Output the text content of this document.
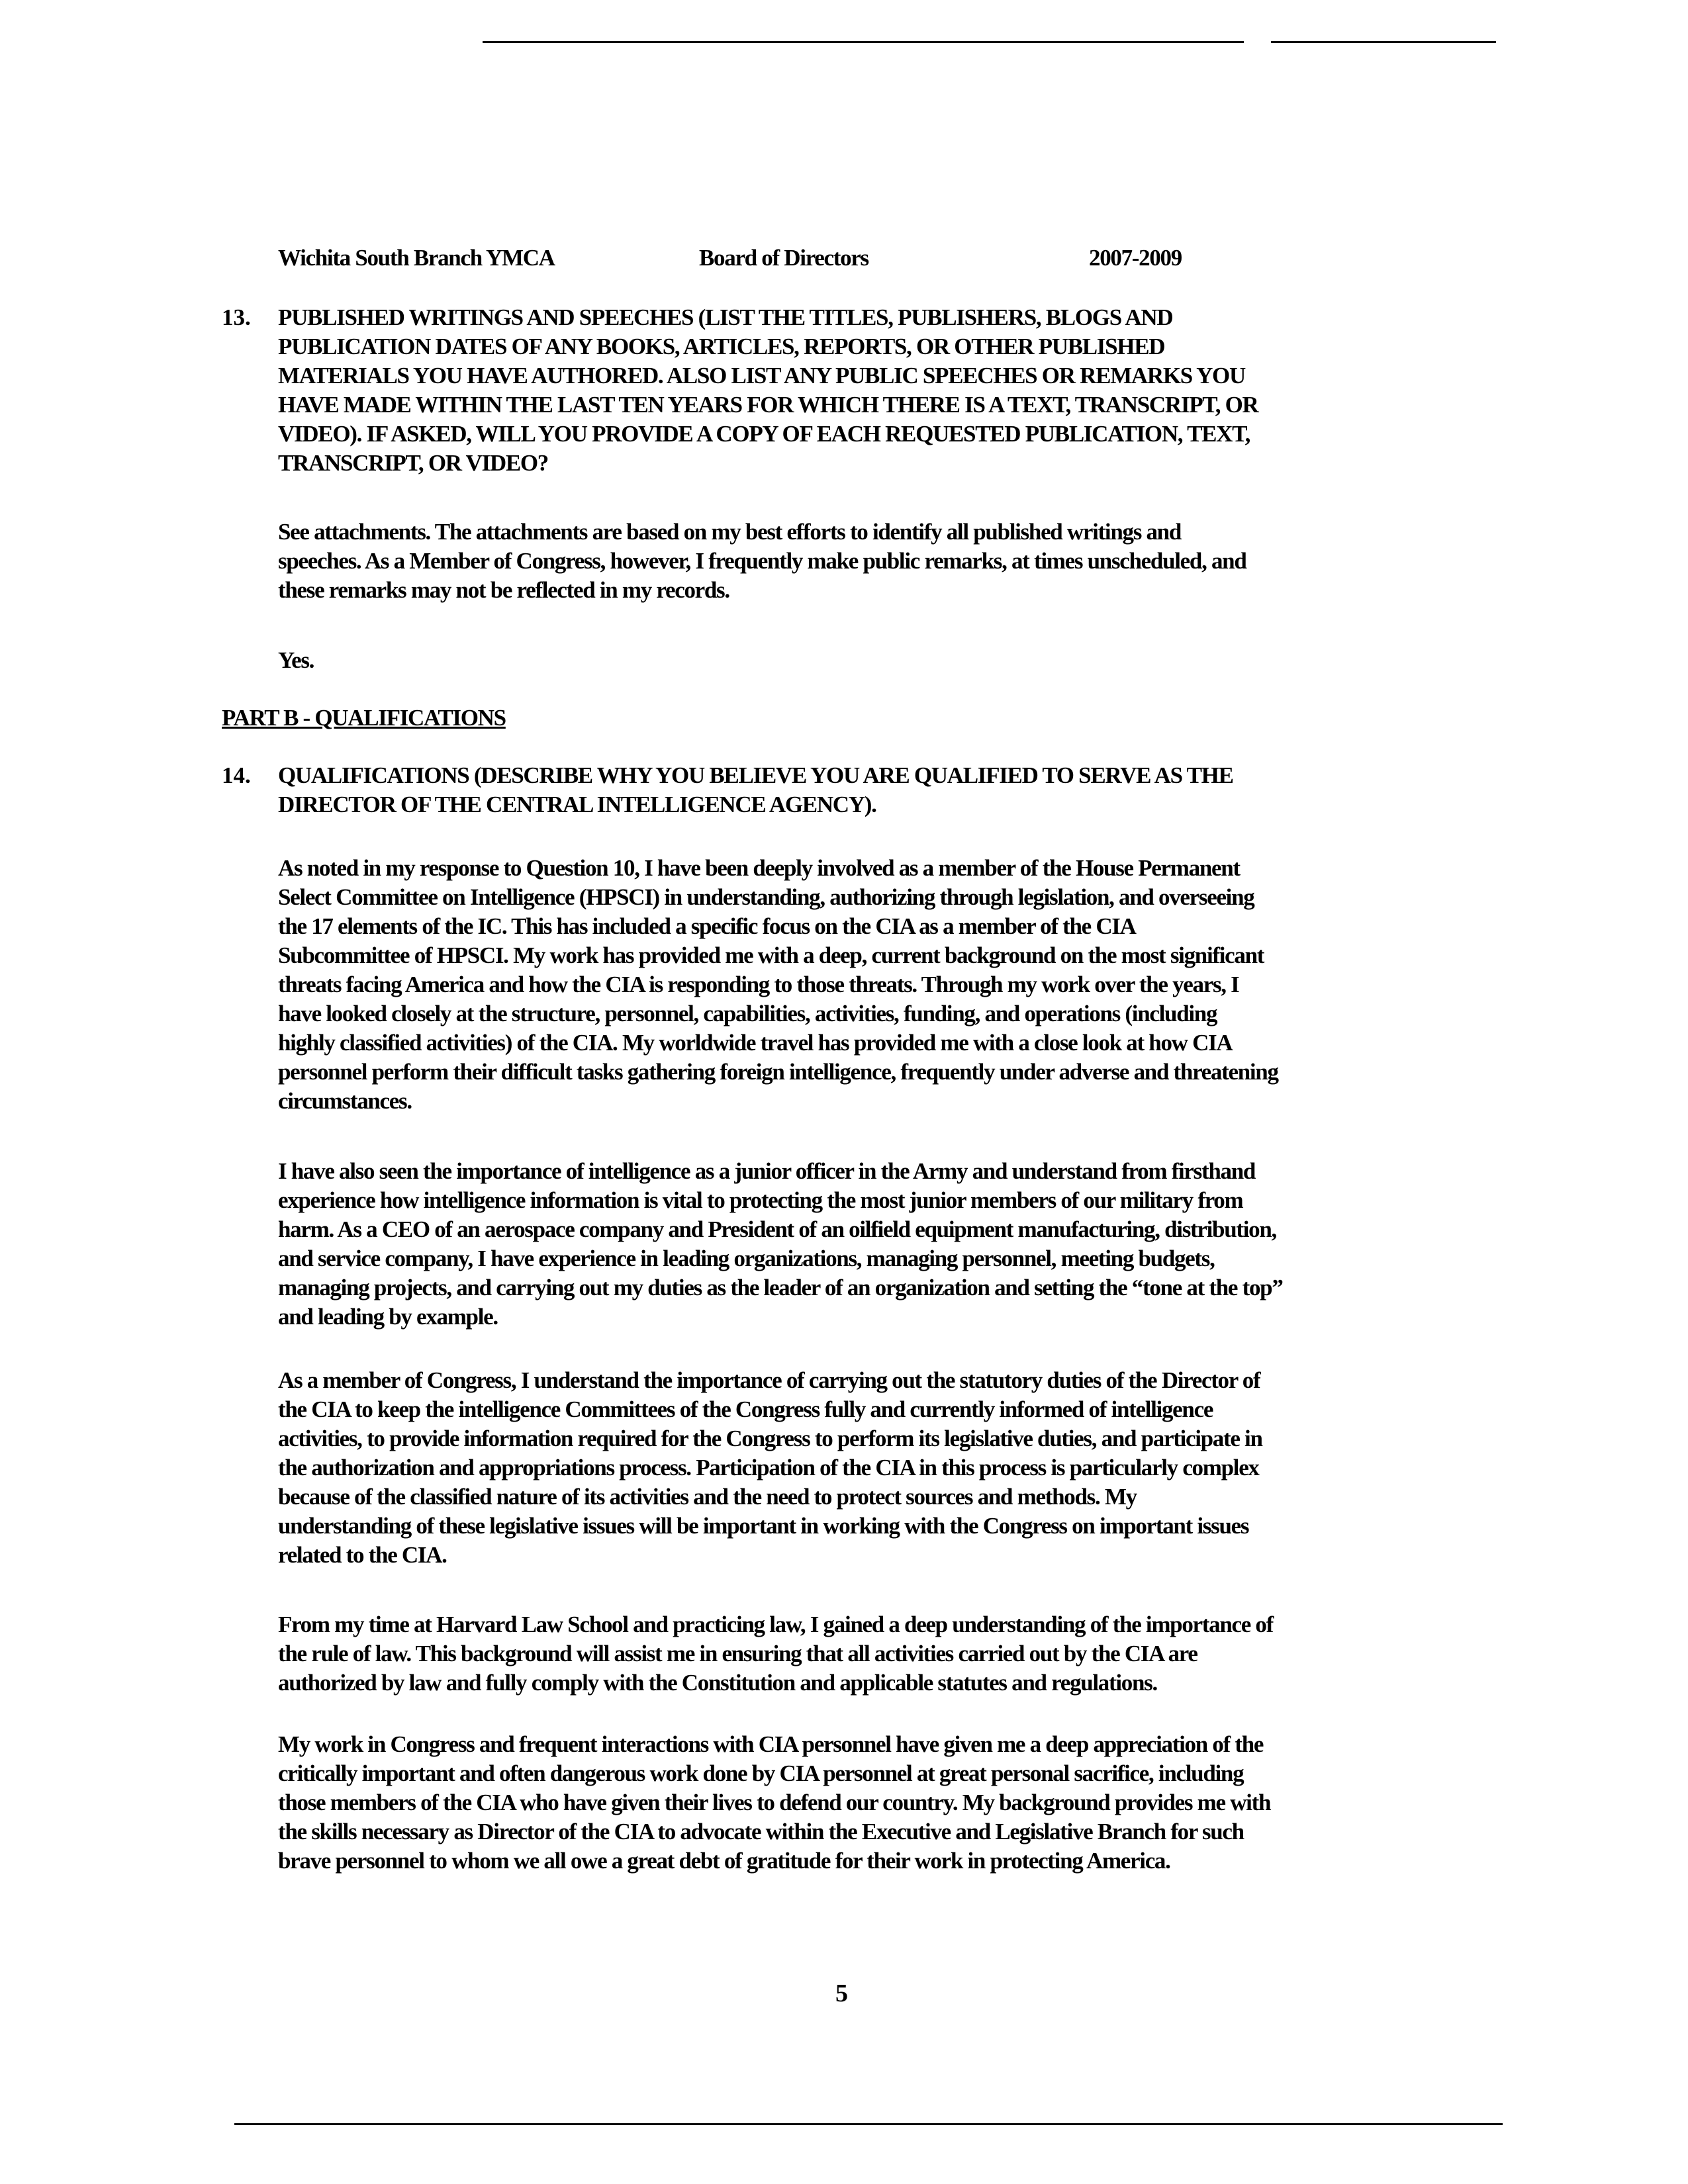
Wichita South Branch YMCA	Board of Directors	2007-2009
13. PUBLISHED WRITINGS AND SPEECHES (LIST THE TITLES, PUBLISHERS, BLOGS AND
PUBLICATION DATES OF ANY BOOKS, ARTICLES, REPORTS, OR OTHER PUBLISHED
MATERIALS YOU HAVE AUTHORED. ALSO LIST ANY PUBLIC SPEECHES OR REMARKS YOU
HAVE MADE WITHIN THE LAST TEN YEARS FOR WHICH THERE IS A TEXT, TRANSCRIPT, OR
VIDEO). IF ASKED, WILL YOU PROVIDE A COPY OF EACH REQUESTED PUBLICATION, TEXT,
TRANSCRIPT, OR VIDEO?
See attachments. The attachments are based on my best efforts to identify all published writings and
speeches. As a Member of Congress, however, I frequently make public remarks, at times unscheduled, and
these remarks may not be reflected in my records.
Yes.
PART B - QUALIFICATIONS
14. QUALIFICATIONS (DESCRIBE WHY YOU BELIEVE YOU ARE QUALIFIED TO SERVE AS THE
DIRECTOR OF THE CENTRAL INTELLIGENCE AGENCY).
As noted in my response to Question 10, I have been deeply involved as a member of the House Permanent
Select Committee on Intelligence (HPSCI) in understanding, authorizing through legislation, and overseeing
the 17 elements of the IC. This has included a specific focus on the CIA as a member of the CIA
Subcommittee of HPSCI. My work has provided me with a deep, current background on the most significant
threats facing America and how the CIA is responding to those threats. Through my work over the years, I
have looked closely at the structure, personnel, capabilities, activities, funding, and operations (including
highly classified activities) of the CIA. My worldwide travel has provided me with a close look at how CIA
personnel perform their difficult tasks gathering foreign intelligence, frequently under adverse and threatening
circumstances.
I have also seen the importance of intelligence as a junior officer in the Army and understand from firsthand
experience how intelligence information is vital to protecting the most junior members of our military from
harm. As a CEO of an aerospace company and President of an oilfield equipment manufacturing, distribution,
and service company, I have experience in leading organizations, managing personnel, meeting budgets,
managing projects, and carrying out my duties as the leader of an organization and setting the “tone at the top”
and leading by example.
As a member of Congress, I understand the importance of carrying out the statutory duties of the Director of
the CIA to keep the intelligence Committees of the Congress fully and currently informed of intelligence
activities, to provide information required for the Congress to perform its legislative duties, and participate in
the authorization and appropriations process. Participation of the CIA in this process is particularly complex
because of the classified nature of its activities and the need to protect sources and methods. My
understanding of these legislative issues will be important in working with the Congress on important issues
related to the CIA.
From my time at Harvard Law School and practicing law, I gained a deep understanding of the importance of
the rule of law. This background will assist me in ensuring that all activities carried out by the CIA are
authorized by law and fully comply with the Constitution and applicable statutes and regulations.
My work in Congress and frequent interactions with CIA personnel have given me a deep appreciation of the
critically important and often dangerous work done by CIA personnel at great personal sacrifice, including
those members of the CIA who have given their lives to defend our country. My background provides me with
the skills necessary as Director of the CIA to advocate within the Executive and Legislative Branch for such
brave personnel to whom we all owe a great debt of gratitude for their work in protecting America.
5
